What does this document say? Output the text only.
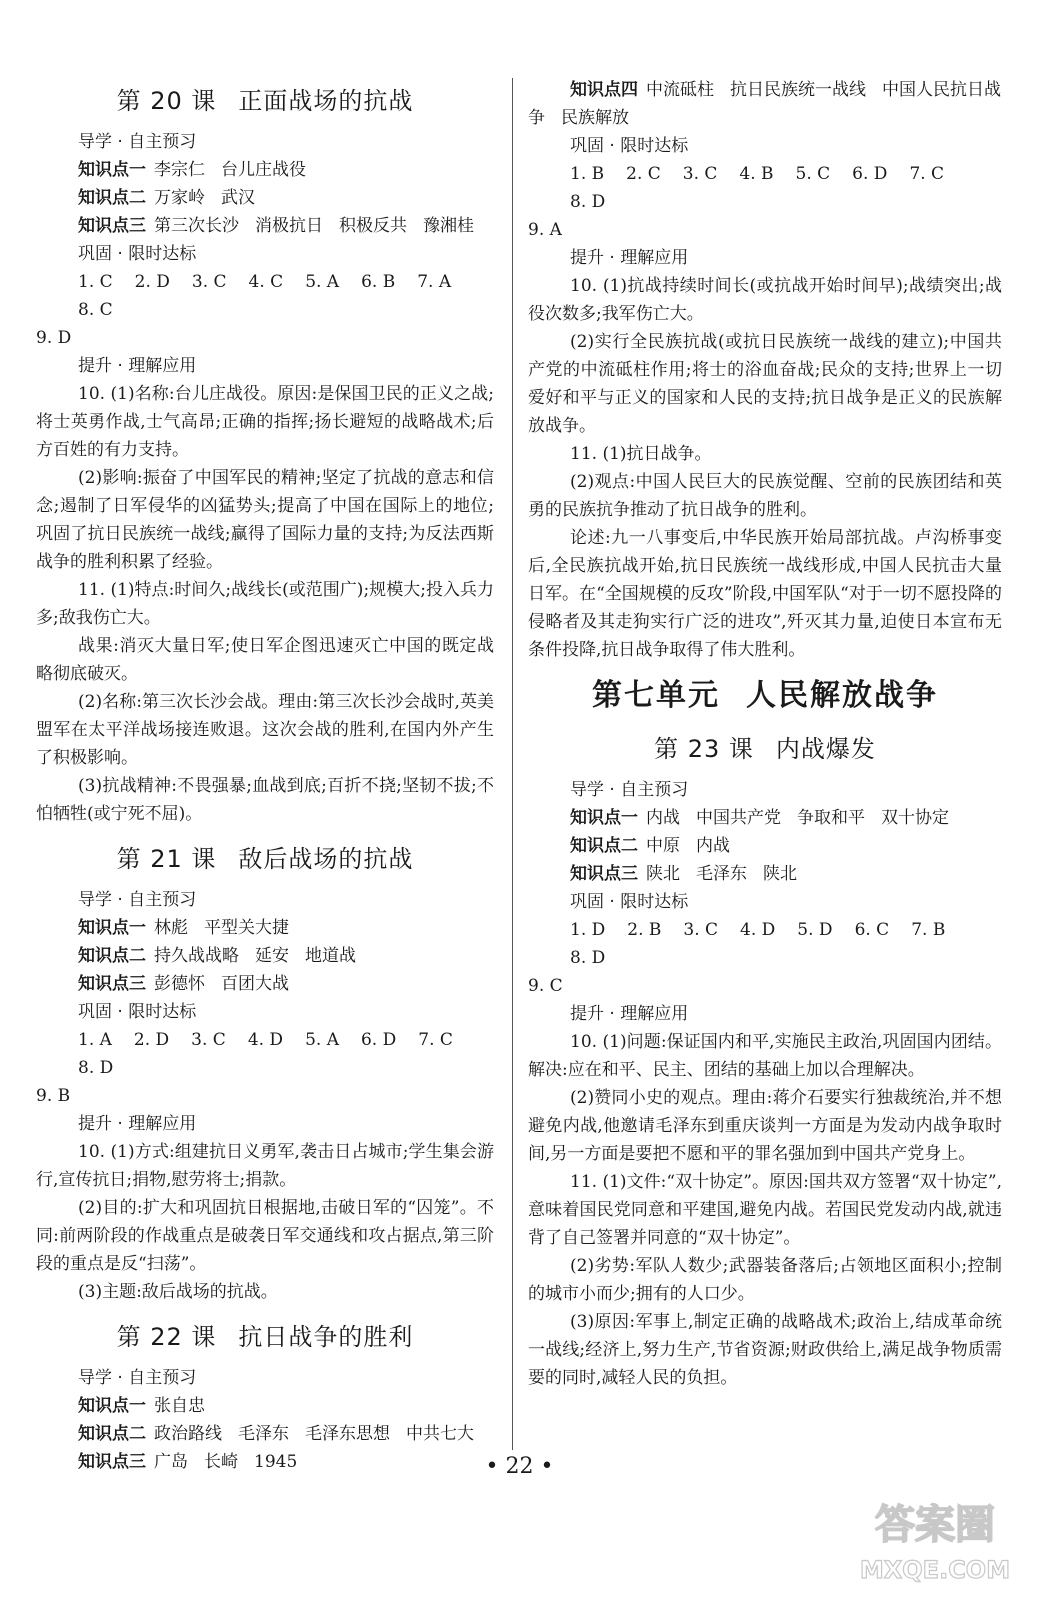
第 20 课 正面战场的抗战
导学 · 自主预习
知识点一 李宗仁 台儿庄战役
知识点二 万家岭 武汉
知识点三 第三次长沙 消极抗日 积极反共 豫湘桂
巩固 · 限时达标
1. C 2. D 3. C 4. C 5. A 6. B 7. A
8. C
9. D
提升 · 理解应用

10. (1)名称:台儿庄战役。原因:是保国卫民的正义之战;将士英勇作战,士气高昂;正确的指挥;扬长避短的战略战术;后方百姓的有力支持。

(2)影响:振奋了中国军民的精神;坚定了抗战的意志和信念;遏制了日军侵华的凶猛势头;提高了中国在国际上的地位;巩固了抗日民族统一战线;赢得了国际力量的支持;为反法西斯战争的胜利积累了经验。

11. (1)特点:时间久;战线长(或范围广);规模大;投入兵力多;敌我伤亡大。

战果:消灭大量日军;使日军企图迅速灭亡中国的既定战略彻底破灭。

(2)名称:第三次长沙会战。理由:第三次长沙会战时,英美盟军在太平洋战场接连败退。这次会战的胜利,在国内外产生了积极影响。

(3)抗战精神:不畏强暴;血战到底;百折不挠;坚韧不拔;不怕牺牲(或宁死不屈)。

第 21 课 敌后战场的抗战
导学 · 自主预习
知识点一 林彪 平型关大捷
知识点二 持久战战略 延安 地道战
知识点三 彭德怀 百团大战
巩固 · 限时达标
1. A 2. D 3. C 4. D 5. A 6. D 7. C
8. D
9. B
提升 · 理解应用

10. (1)方式:组建抗日义勇军,袭击日占城市;学生集会游行,宣传抗日;捐物,慰劳将士;捐款。

(2)目的:扩大和巩固抗日根据地,击破日军的“囚笼”。不同:前两阶段的作战重点是破袭日军交通线和攻占据点,第三阶段的重点是反“扫荡”。

(3)主题:敌后战场的抗战。

第 22 课 抗日战争的胜利
导学 · 自主预习
知识点一 张自忠
知识点二 政治路线 毛泽东 毛泽东思想 中共七大
知识点三 广岛 长崎 1945
知识点四 中流砥柱 抗日民族统一战线 中国人民抗日战争 民族解放
巩固 · 限时达标
1. B 2. C 3. C 4. B 5. C 6. D 7. C
8. D
9. A
提升 · 理解应用

10. (1)抗战持续时间长(或抗战开始时间早);战绩突出;战役次数多;我军伤亡大。

(2)实行全民族抗战(或抗日民族统一战线的建立);中国共产党的中流砥柱作用;将士的浴血奋战;民众的支持;世界上一切爱好和平与正义的国家和人民的支持;抗日战争是正义的民族解放战争。

11. (1)抗日战争。

(2)观点:中国人民巨大的民族觉醒、空前的民族团结和英勇的民族抗争推动了抗日战争的胜利。

论述:九一八事变后,中华民族开始局部抗战。卢沟桥事变后,全民族抗战开始,抗日民族统一战线形成,中国人民抗击大量日军。在“全国规模的反攻”阶段,中国军队“对于一切不愿投降的侵略者及其走狗实行广泛的进攻”,歼灭其力量,迫使日本宣布无条件投降,抗日战争取得了伟大胜利。

第七单元 人民解放战争
第 23 课 内战爆发
导学 · 自主预习
知识点一 内战 中国共产党 争取和平 双十协定
知识点二 中原 内战
知识点三 陕北 毛泽东 陕北
巩固 · 限时达标
1. D 2. B 3. C 4. D 5. D 6. C 7. B
8. D
9. C
提升 · 理解应用

10. (1)问题:保证国内和平,实施民主政治,巩固国内团结。解决:应在和平、民主、团结的基础上加以合理解决。

(2)赞同小史的观点。理由:蒋介石要实行独裁统治,并不想避免内战,他邀请毛泽东到重庆谈判一方面是为发动内战争取时间,另一方面是要把不愿和平的罪名强加到中国共产党身上。

11. (1)文件:“双十协定”。原因:国共双方签署“双十协定”,意味着国民党同意和平建国,避免内战。若国民党发动内战,就违背了自己签署并同意的“双十协定”。

(2)劣势:军队人数少;武器装备落后;占领地区面积小;控制的城市小而少;拥有的人口少。

(3)原因:军事上,制定正确的战略战术;政治上,结成革命统一战线;经济上,努力生产,节省资源;财政供给上,满足战争物质需要的同时,减轻人民的负担。

• 22 •
答案圈
MXQE.COM
